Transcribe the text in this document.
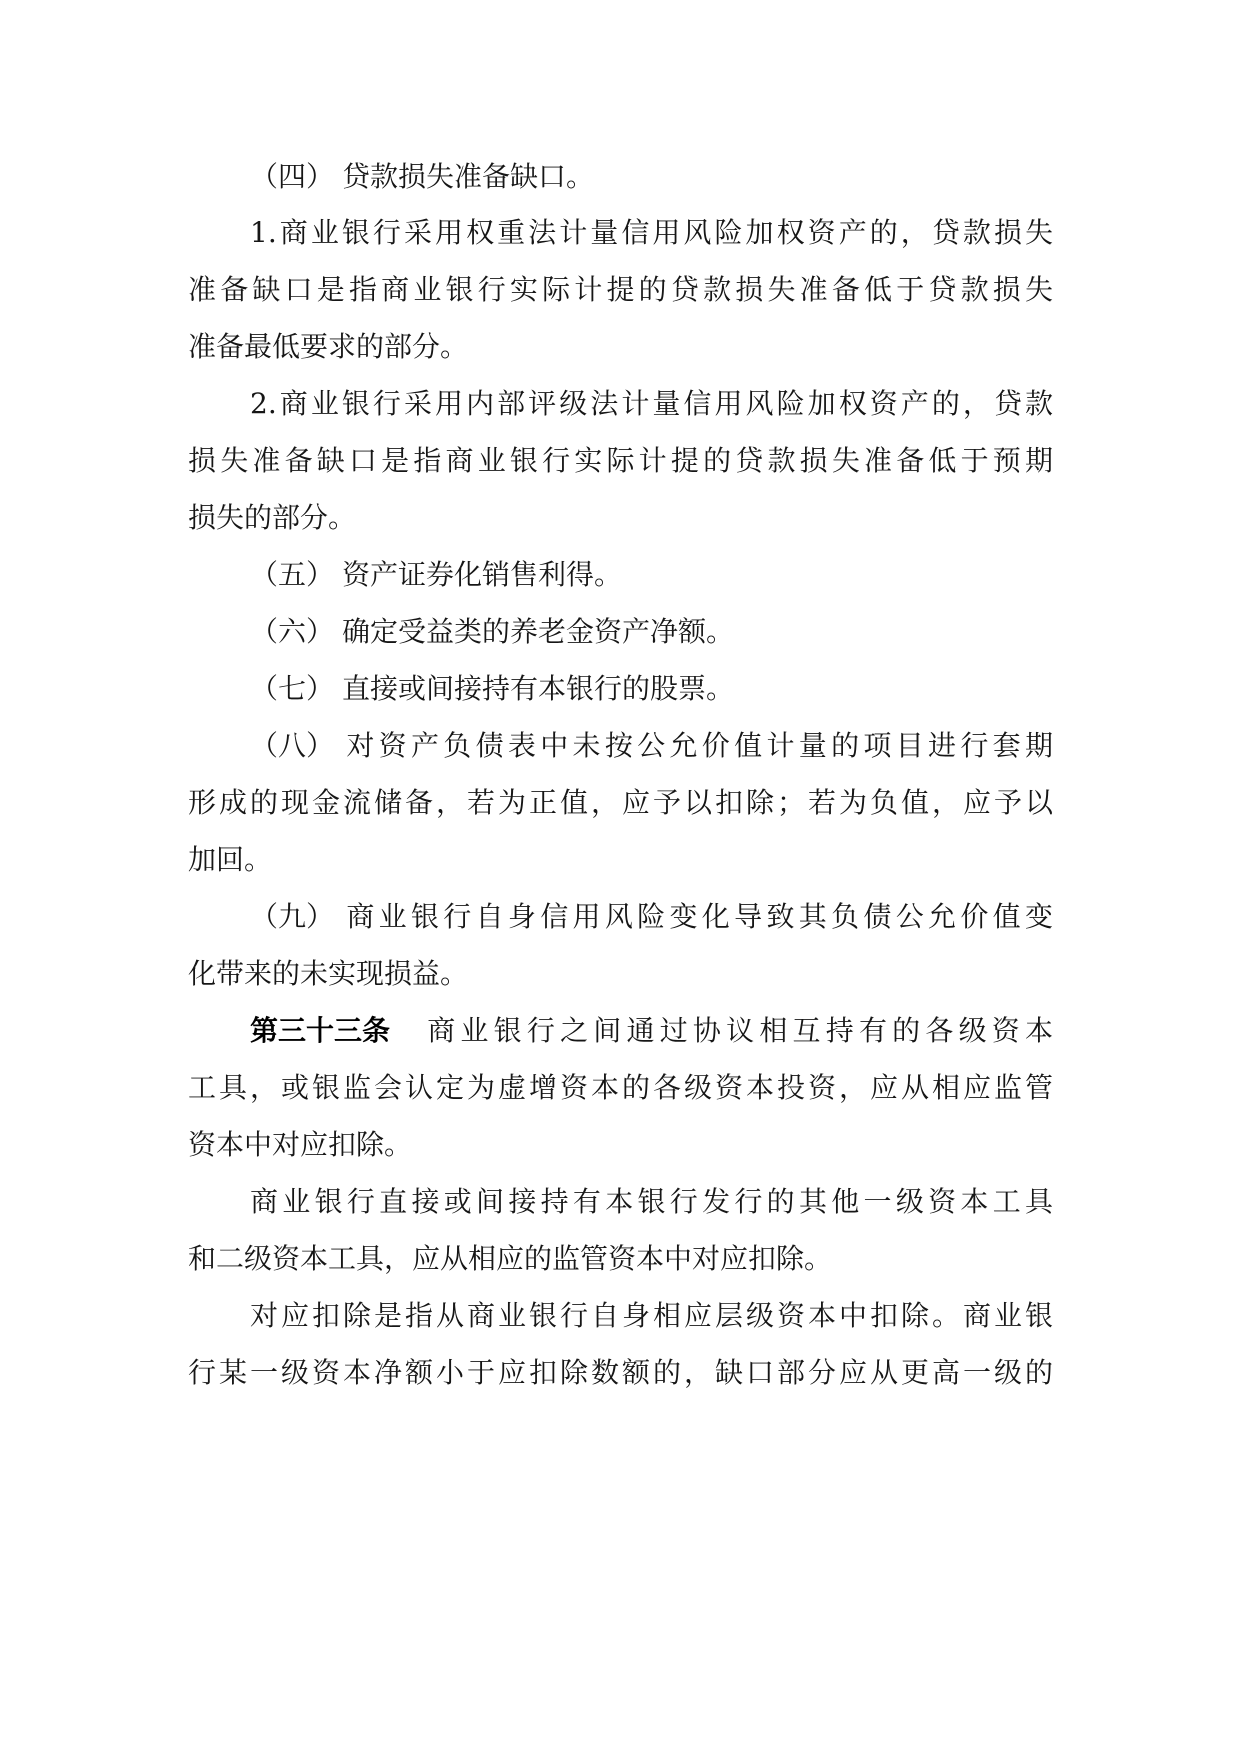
（四） 贷款损失准备缺口。
1.商业银行采用权重法计量信用风险加权资产的，贷款损失
准备缺口是指商业银行实际计提的贷款损失准备低于贷款损失
准备最低要求的部分。
2.商业银行采用内部评级法计量信用风险加权资产的，贷款
损失准备缺口是指商业银行实际计提的贷款损失准备低于预期
损失的部分。
（五） 资产证券化销售利得。
（六） 确定受益类的养老金资产净额。
（七） 直接或间接持有本银行的股票。
（八） 对资产负债表中未按公允价值计量的项目进行套期
形成的现金流储备，若为正值，应予以扣除；若为负值，应予以
加回。
（九） 商业银行自身信用风险变化导致其负债公允价值变
化带来的未实现损益。
第三十三条 商业银行之间通过协议相互持有的各级资本
工具，或银监会认定为虚增资本的各级资本投资，应从相应监管
资本中对应扣除。
商业银行直接或间接持有本银行发行的其他一级资本工具
和二级资本工具，应从相应的监管资本中对应扣除。
对应扣除是指从商业银行自身相应层级资本中扣除。商业银
行某一级资本净额小于应扣除数额的，缺口部分应从更高一级的
